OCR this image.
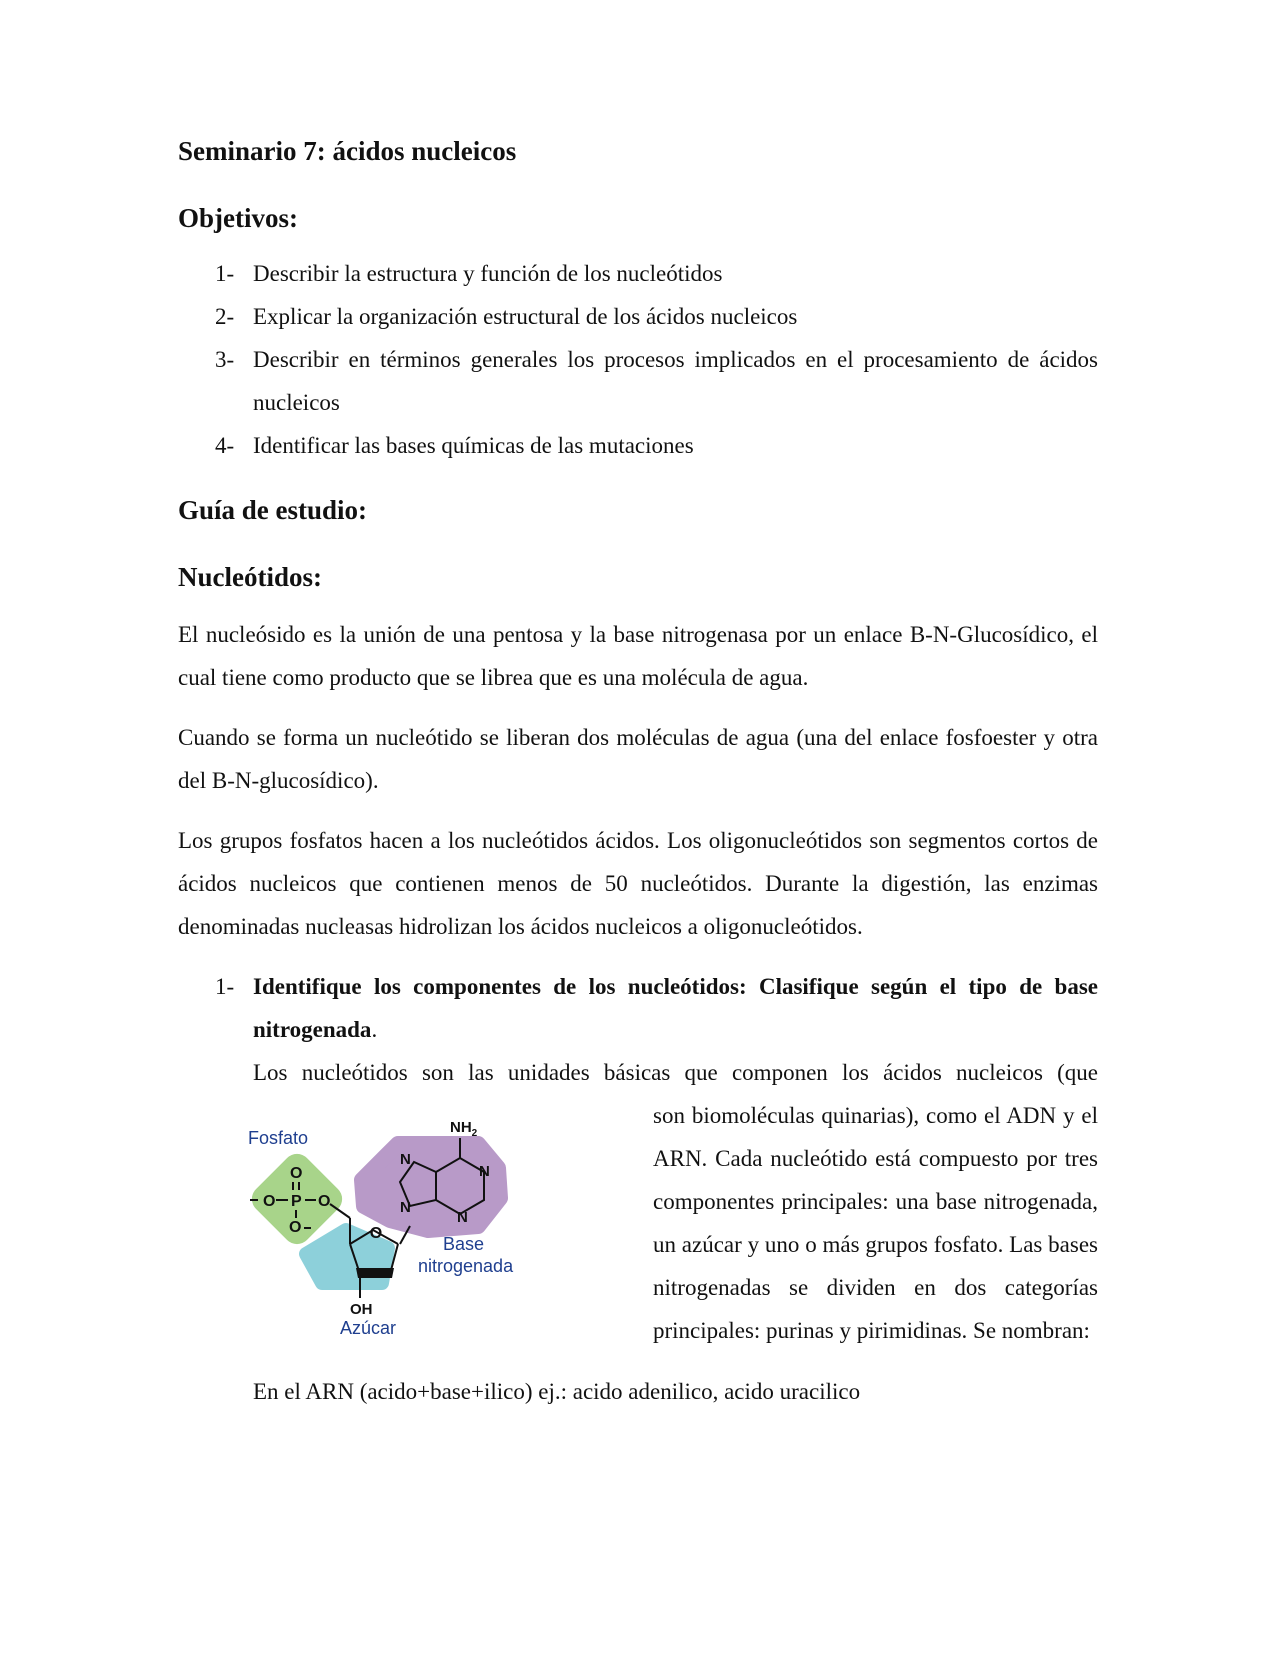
Seminario 7: ácidos nucleicos
Objetivos:
1- Describir la estructura y función de los nucleótidos
2- Explicar la organización estructural de los ácidos nucleicos
3- Describir en términos generales los procesos implicados en el procesamiento de ácidos nucleicos
4- Identificar las bases químicas de las mutaciones
Guía de estudio:
Nucleótidos:

El nucleósido es la unión de una pentosa y la base nitrogenasa por un enlace B-N-Glucosídico, el cual tiene como producto que se librea que es una molécula de agua.

Cuando se forma un nucleótido se liberan dos moléculas de agua (una del enlace fosfoester y otra del B-N-glucosídico).

Los grupos fosfatos hacen a los nucleótidos ácidos. Los oligonucleótidos son segmentos cortos de ácidos nucleicos que contienen menos de 50 nucleótidos. Durante la digestión, las enzimas denominadas nucleasas hidrolizan los ácidos nucleicos a oligonucleótidos.

1- Identifique los componentes de los nucleótidos: Clasifique según el tipo de base nitrogenada.

Los nucleótidos son las unidades básicas que componen los ácidos nucleicos (que

O
P
O	O
O	O
N
N
N
N
$NH_2$
OH
Fosfato
Base
nitrogenada
Azúcar

son biomoléculas quinarias), como el ADN y el ARN. Cada nucleótido está compuesto por tres componentes principales: una base nitrogenada, un azúcar y uno o más grupos fosfato. Las bases nitrogenadas se dividen en dos categorías principales: purinas y pirimidinas. Se nombran:

En el ARN (acido+base+ilico) ej.: acido adenilico, acido uracilico
